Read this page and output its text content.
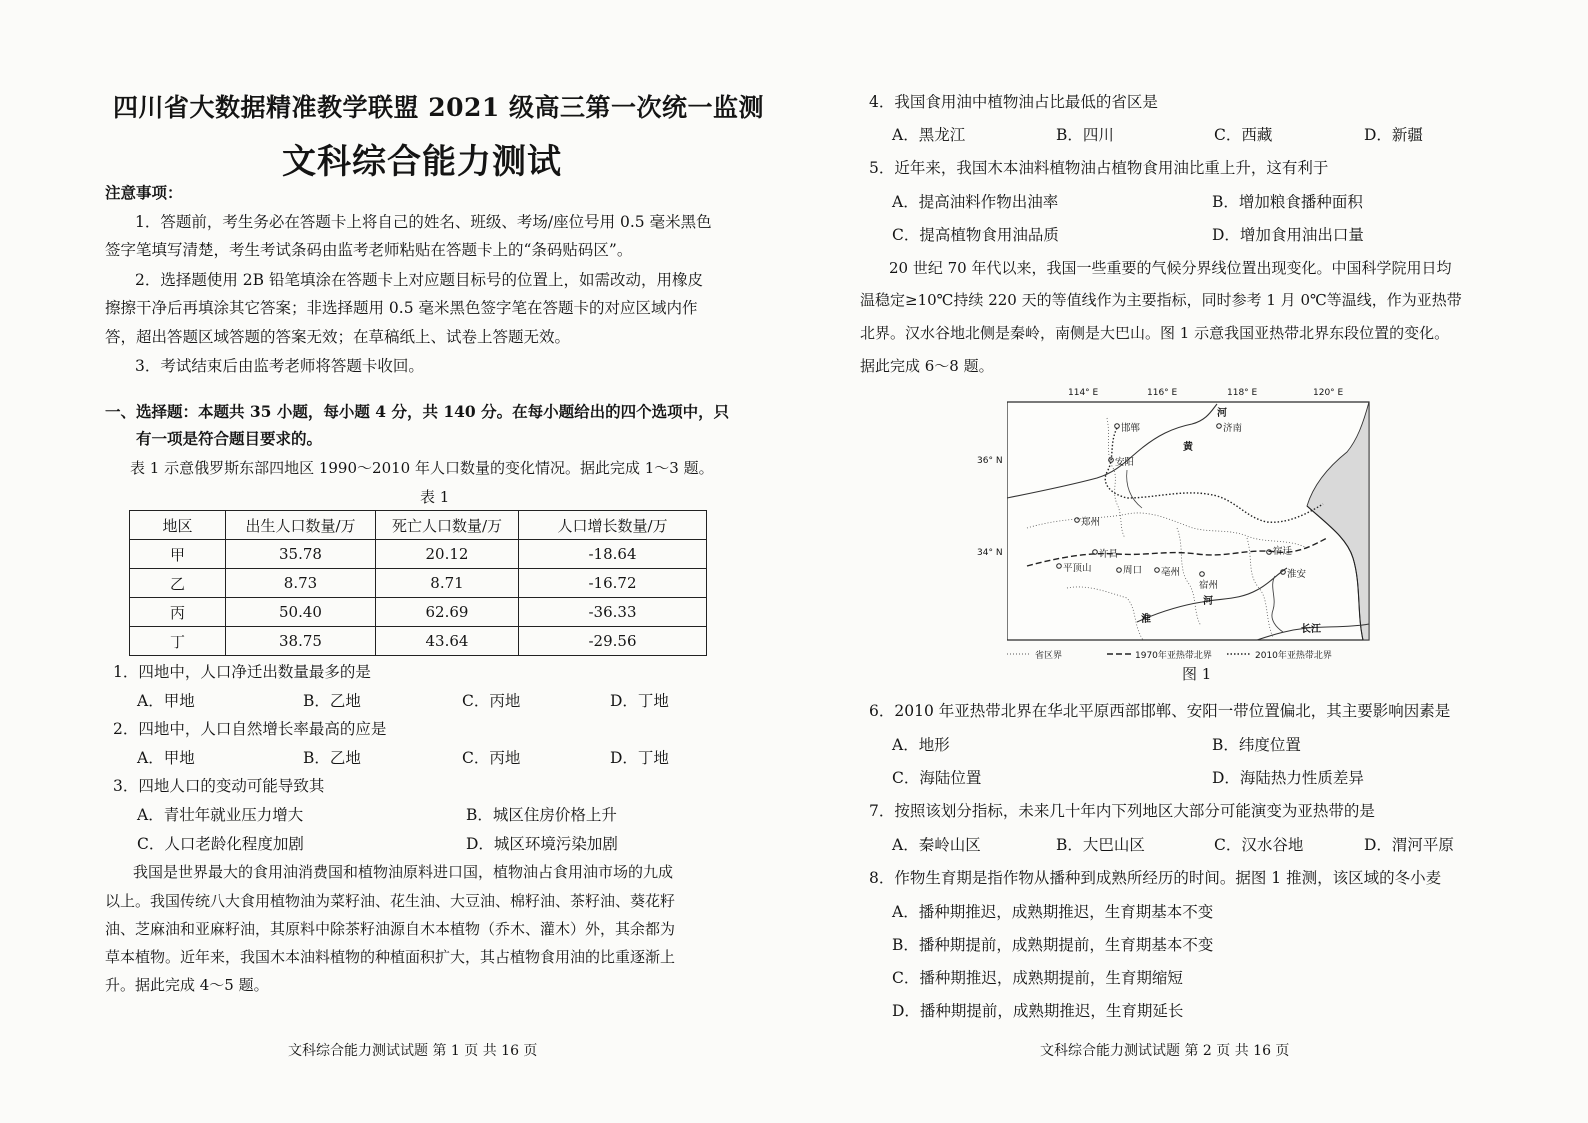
四川省大数据精准教学联盟 2021 级高三第一次统一监测
文科综合能力测试
注意事项：
1．答题前，考生务必在答题卡上将自己的姓名、班级、考场/座位号用 0.5 毫米黑色
签字笔填写清楚，考生考试条码由监考老师粘贴在答题卡上的“条码贴码区”。
2．选择题使用 2B 铅笔填涂在答题卡上对应题目标号的位置上，如需改动，用橡皮
擦擦干净后再填涂其它答案；非选择题用 0.5 毫米黑色签字笔在答题卡的对应区域内作
答，超出答题区域答题的答案无效；在草稿纸上、试卷上答题无效。
3．考试结束后由监考老师将答题卡收回。
一、选择题：本题共 35 小题，每小题 4 分，共 140 分。在每小题给出的四个选项中，只
有一项是符合题目要求的。
表 1 示意俄罗斯东部四地区 1990～2010 年人口数量的变化情况。据此完成 1～3 题。
表 1
地区	出生人口数量/万	死亡人口数量/万	人口增长数量/万
甲	35.78	20.12	-18.64
乙	8.73	8.71	-16.72
丙	50.40	62.69	-36.33
丁	38.75	43.64	-29.56
1．四地中，人口净迁出数量最多的是
A．甲地	B．乙地	C．丙地	D．丁地
2．四地中，人口自然增长率最高的应是
A．甲地	B．乙地	C．丙地	D．丁地
3．四地人口的变动可能导致其
A．青壮年就业压力增大	B．城区住房价格上升
C．人口老龄化程度加剧	D．城区环境污染加剧
我国是世界最大的食用油消费国和植物油原料进口国，植物油占食用油市场的九成
以上。我国传统八大食用植物油为菜籽油、花生油、大豆油、棉籽油、茶籽油、葵花籽
油、芝麻油和亚麻籽油，其原料中除茶籽油源自木本植物（乔木、灌木）外，其余都为
草本植物。近年来，我国木本油料植物的种植面积扩大，其占植物食用油的比重逐渐上
升。据此完成 4～5 题。
文科综合能力测试试题 第 1 页 共 16 页
4．我国食用油中植物油占比最低的省区是
A．黑龙江	B．四川	C．西藏	D．新疆
5．近年来，我国木本油料植物油占植物食用油比重上升，这有利于
A．提高油料作物出油率	B．增加粮食播种面积
C．提高植物食用油品质	D．增加食用油出口量
20 世纪 70 年代以来，我国一些重要的气候分界线位置出现变化。中国科学院用日均
温稳定≥10℃持续 220 天的等值线作为主要指标，同时参考 1 月 0℃等温线，作为亚热带
北界。汉水谷地北侧是秦岭，南侧是大巴山。图 1 示意我国亚热带北界东段位置的变化。
据此完成 6～8 题。
114° E	116° E	118° E	120° E
36° N
34° N
邯郸	济南
安阳
郑州
许昌	宿迁
平顶山	周口 亳州
宿州
淮安
河
黄
河
淮
长江
省区界	1970年亚热带北界	2010年亚热带北界
图 1
6．2010 年亚热带北界在华北平原西部邯郸、安阳一带位置偏北，其主要影响因素是
A．地形	B．纬度位置
C．海陆位置	D．海陆热力性质差异
7．按照该划分指标，未来几十年内下列地区大部分可能演变为亚热带的是
A．秦岭山区	B．大巴山区	C．汉水谷地	D．渭河平原
8．作物生育期是指作物从播种到成熟所经历的时间。据图 1 推测，该区域的冬小麦
A．播种期推迟，成熟期推迟，生育期基本不变
B．播种期提前，成熟期提前，生育期基本不变
C．播种期推迟，成熟期提前，生育期缩短
D．播种期提前，成熟期推迟，生育期延长
文科综合能力测试试题 第 2 页 共 16 页
